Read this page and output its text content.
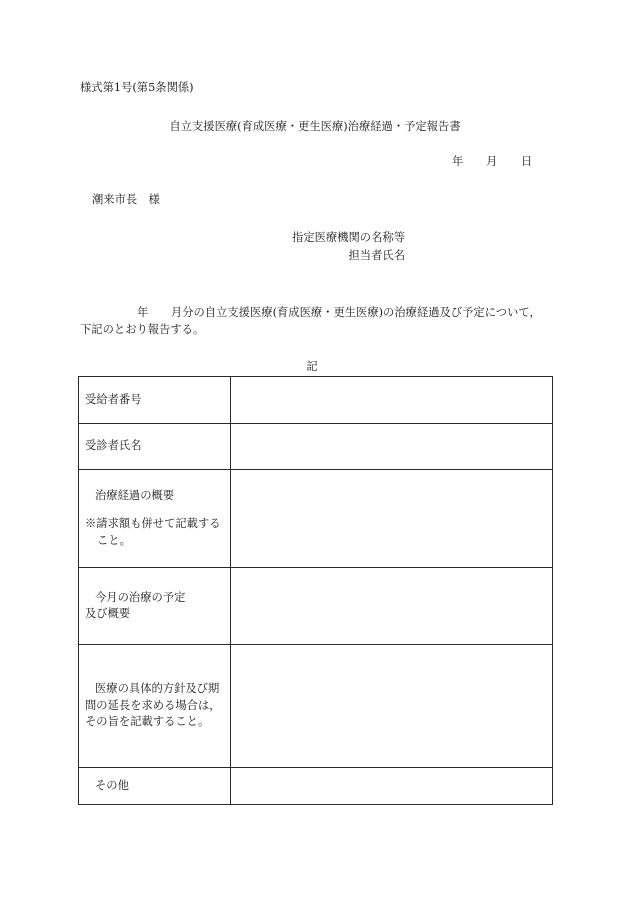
様式第1号(第5条関係)
自立支援医療(育成医療・更生医療)治療経過・予定報告書
年 月 日
潮来市長　様
指定医療機関の名称等
担当者氏名
年　　月分の自立支援医療(育成医療・更生医療)の治療経過及び予定について，
下記のとおり報告する。
記
受給者番号	

受診者氏名	

治療経過の概要
※請求額も併せて記載する
こと。	

今月の治療の予定
及び概要	

医療の具体的方針及び期
間の延長を求める場合は，
その旨を記載すること。	

その他	
